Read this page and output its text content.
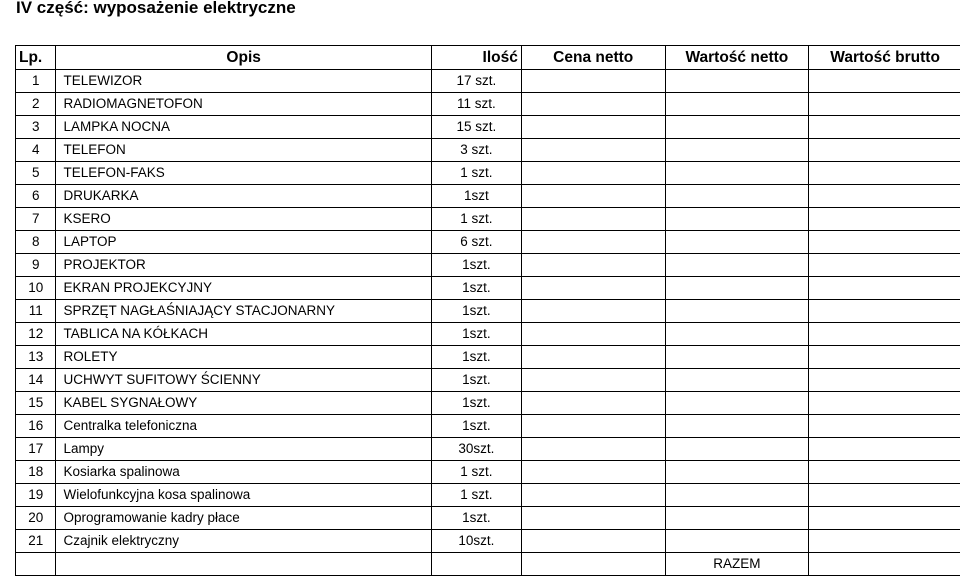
IV część: wyposażenie elektryczne
Lp.	Opis	Ilość	Cena netto	Wartość netto	Wartość brutto
1	TELEWIZOR	17 szt.			
2	RADIOMAGNETOFON	11 szt.			
3	LAMPKA NOCNA	15 szt.			
4	TELEFON	3 szt.			
5	TELEFON-FAKS	1 szt.			
6	DRUKARKA	1szt			
7	KSERO	1 szt.			
8	LAPTOP	6 szt.			
9	PROJEKTOR	1szt.			
10	EKRAN PROJEKCYJNY	1szt.			
11	SPRZĘT NAGŁAŚNIAJĄCY STACJONARNY	1szt.			
12	TABLICA NA KÓŁKACH	1szt.			
13	ROLETY	1szt.			
14	UCHWYT SUFITOWY ŚCIENNY	1szt.			
15	KABEL SYGNAŁOWY	1szt.			
16	Centralka telefoniczna	1szt.			
17	Lampy	30szt.			
18	Kosiarka spalinowa	1 szt.			
19	Wielofunkcyjna kosa spalinowa	1 szt.			
20	Oprogramowanie kadry płace	1szt.			
21	Czajnik elektryczny	10szt.			
				RAZEM	
